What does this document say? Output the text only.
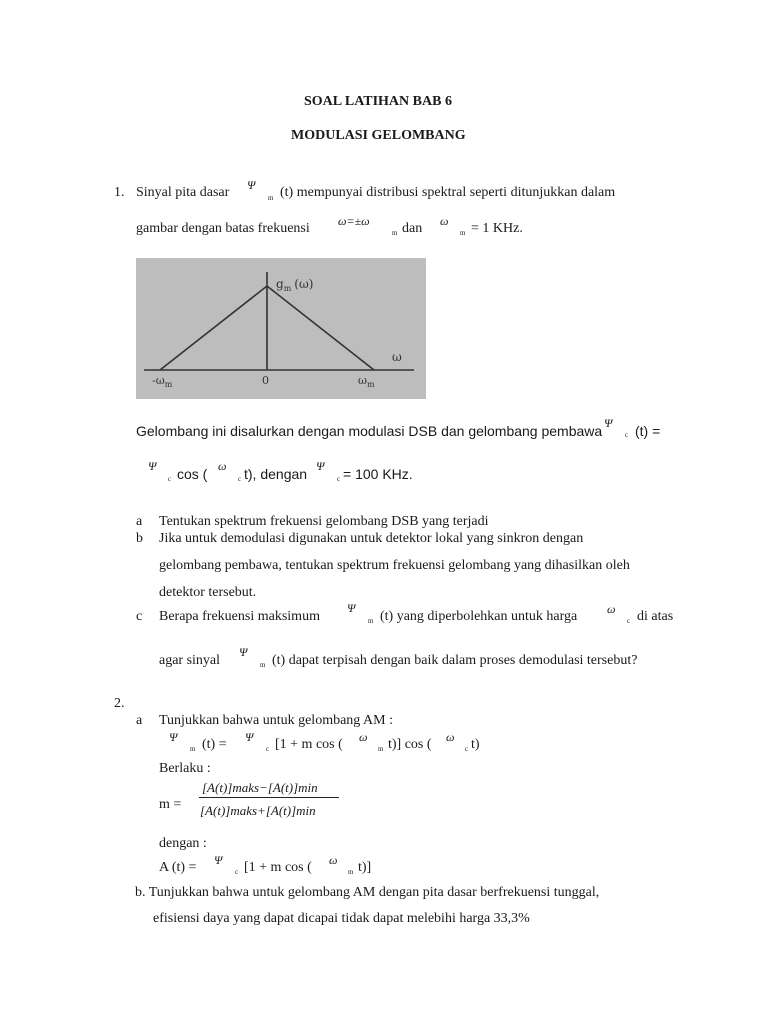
SOAL LATIHAN BAB 6
MODULASI GELOMBANG
1. Sinyal pita dasar Ψ
m (t) mempunyai distribusi spektral seperti ditunjukkan dalam
gambar dengan batas frekuensi ω=±ω
m dan ω
m = 1 KHz.
$g_m$ (ω)
ω
$-\omega_m$	0	$\omega_m$
Gelombang ini disalurkan dengan modulasi DSB dan gelombang pembawa Ψ
c (t) =
Ψ
c cos ( ω
c t), dengan Ψ
c = 100 KHz.
a Tentukan spektrum frekuensi gelombang DSB yang terjadi
b Jika untuk demodulasi digunakan untuk detektor lokal yang sinkron dengan
gelombang pembawa, tentukan spektrum frekuensi gelombang yang dihasilkan oleh
detektor tersebut.
c Berapa frekuensi maksimum
Ψ
m (t) yang diperbolehkan untuk harga ω
c di atas
agar sinyal
Ψ
m (t) dapat terpisah dengan baik dalam proses demodulasi tersebut?
2.
a Tunjukkan bahwa untuk gelombang AM :
Ψ
m (t) = Ψ
c [1 + m cos ( ω
m t)] cos ( ω
c t)
Berlaku :
m =
[A(t)]maks−[A(t)]min
[A(t)]maks+[A(t)]min
dengan :
A (t) = Ψ
c [1 + m cos ( ω
m t)]
b. Tunjukkan bahwa untuk gelombang AM dengan pita dasar berfrekuensi tunggal,
efisiensi daya yang dapat dicapai tidak dapat melebihi harga 33,3%
